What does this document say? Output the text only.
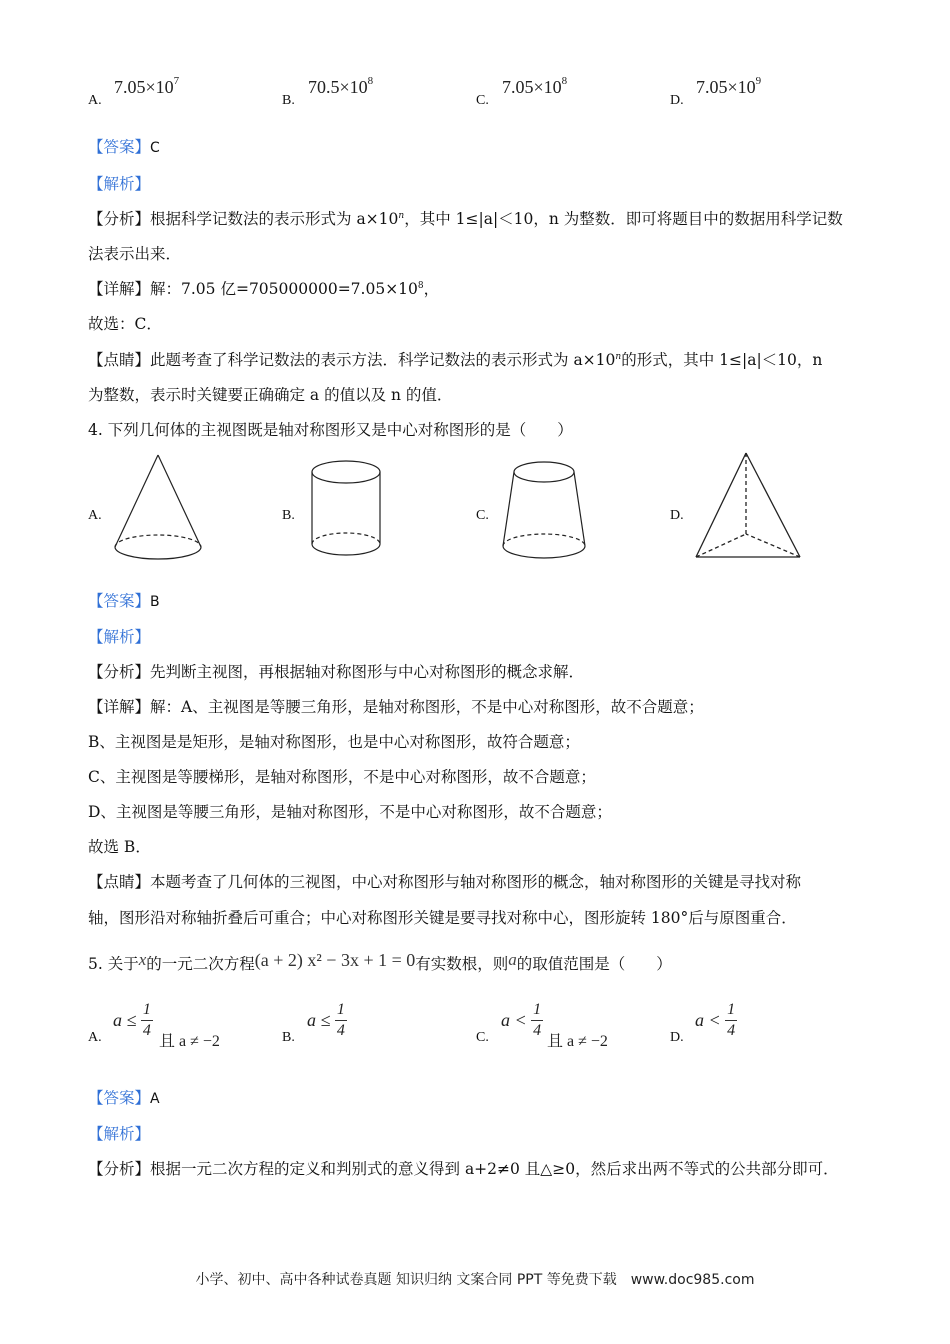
A.
$7.05\times 10^7$
B.
$70.5\times 10^8$
C.
$7.05\times 10^8$
D.
$7.05\times 10^9$
【答案】C
【解析】
【分析】根据科学记数法的表示形式为 $a\times 10^n$，其中 1≤|a|＜10，n 为整数．即可将题目中的数据用科学记数
法表示出来．
【详解】解：7.05 亿$=705000000=7.05\times 10^8$，
故选：C．
【点睛】此题考查了科学记数法的表示方法．科学记数法的表示形式为 $a\times 10^n$的形式，其中 1≤|a|＜10，n
为整数，表示时关键要正确确定 a 的值以及 n 的值．
4. 下列几何体的主视图既是轴对称图形又是中心对称图形的是（　　）
A.	B.	C.	D.
【答案】B
【解析】
【分析】先判断主视图，再根据轴对称图形与中心对称图形的概念求解．
【详解】解：A、主视图是等腰三角形，是轴对称图形，不是中心对称图形，故不合题意；
B、主视图是是矩形，是轴对称图形，也是中心对称图形，故符合题意；
C、主视图是等腰梯形，是轴对称图形，不是中心对称图形，故不合题意；
D、主视图是等腰三角形，是轴对称图形，不是中心对称图形，故不合题意；
故选 B．
【点睛】本题考查了几何体的三视图，中心对称图形与轴对称图形的概念，轴对称图形的关键是寻找对称
轴，图形沿对称轴折叠后可重合；中心对称图形关键是要寻找对称中心，图形旋转 180°后与原图重合．
5. 关于x的一元二次方程(a + 2) x² − 3x + 1 = 0有实数根，则a的取值范围是（　　）
A.
$a \le \frac{1}{4}$
且 a ≠ −2	B.
$a \le \frac{1}{4}$	C.
$a < \frac{1}{4}$
且 a ≠ −2	D.
$a < \frac{1}{4}$
【答案】A
【解析】
【分析】根据一元二次方程的定义和判别式的意义得到 a+2≠0 且△≥0，然后求出两不等式的公共部分即可．
小学、初中、高中各种试卷真题 知识归纳 文案合同 PPT 等免费下载　www.doc985.com
